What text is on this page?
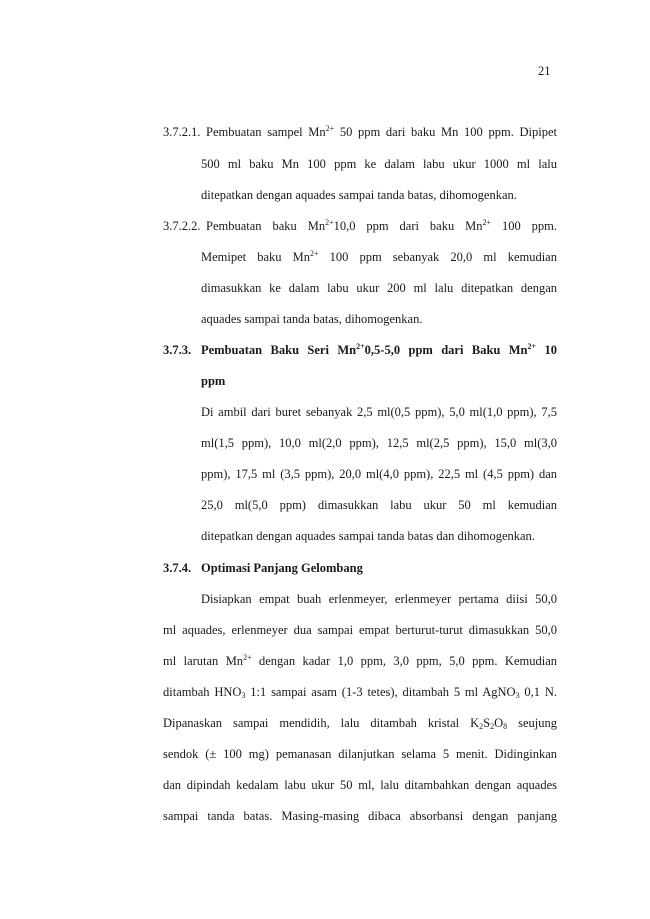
21
3.7.2.1. Pembuatan sampel $Mn^{2+}$ 50 ppm dari baku Mn 100 ppm. Dipipet
500 ml baku Mn 100 ppm ke dalam labu ukur 1000 ml lalu
ditepatkan dengan aquades sampai tanda batas, dihomogenkan.
3.7.2.2. Pembuatan baku $Mn^{2+}10,0$ ppm dari baku $Mn^{2+}$ 100 ppm.
Memipet baku $Mn^{2+}$ 100 ppm sebanyak 20,0 ml kemudian
dimasukkan ke dalam labu ukur 200 ml lalu ditepatkan dengan
aquades sampai tanda batas, dihomogenkan.
3.7.3. Pembuatan Baku Seri $Mn^{2+}0,5-5,0$ ppm dari Baku $Mn^{2+}$ 10
ppm
Di ambil dari buret sebanyak 2,5 ml(0,5 ppm), 5,0 ml(1,0 ppm), 7,5
ml(1,5 ppm), 10,0 ml(2,0 ppm), 12,5 ml(2,5 ppm), 15,0 ml(3,0
ppm), 17,5 ml (3,5 ppm), 20,0 ml(4,0 ppm), 22,5 ml (4,5 ppm) dan
25,0 ml(5,0 ppm) dimasukkan labu ukur 50 ml kemudian
ditepatkan dengan aquades sampai tanda batas dan dihomogenkan.
3.7.4. Optimasi Panjang Gelombang
Disiapkan empat buah erlenmeyer, erlenmeyer pertama diisi 50,0
ml aquades, erlenmeyer dua sampai empat berturut-turut dimasukkan 50,0
ml larutan $Mn^{2+}$ dengan kadar 1,0 ppm, 3,0 ppm, 5,0 ppm. Kemudian
ditambah $HNO_3$ 1:1 sampai asam (1-3 tetes), ditambah 5 ml AgNO$_3$ 0,1 N.
Dipanaskan sampai mendidih, lalu ditambah kristal $K_2S_2O_8$ seujung
sendok (± 100 mg) pemanasan dilanjutkan selama 5 menit. Didinginkan
dan dipindah kedalam labu ukur 50 ml, lalu ditambahkan dengan aquades
sampai tanda batas. Masing-masing dibaca absorbansi dengan panjang
